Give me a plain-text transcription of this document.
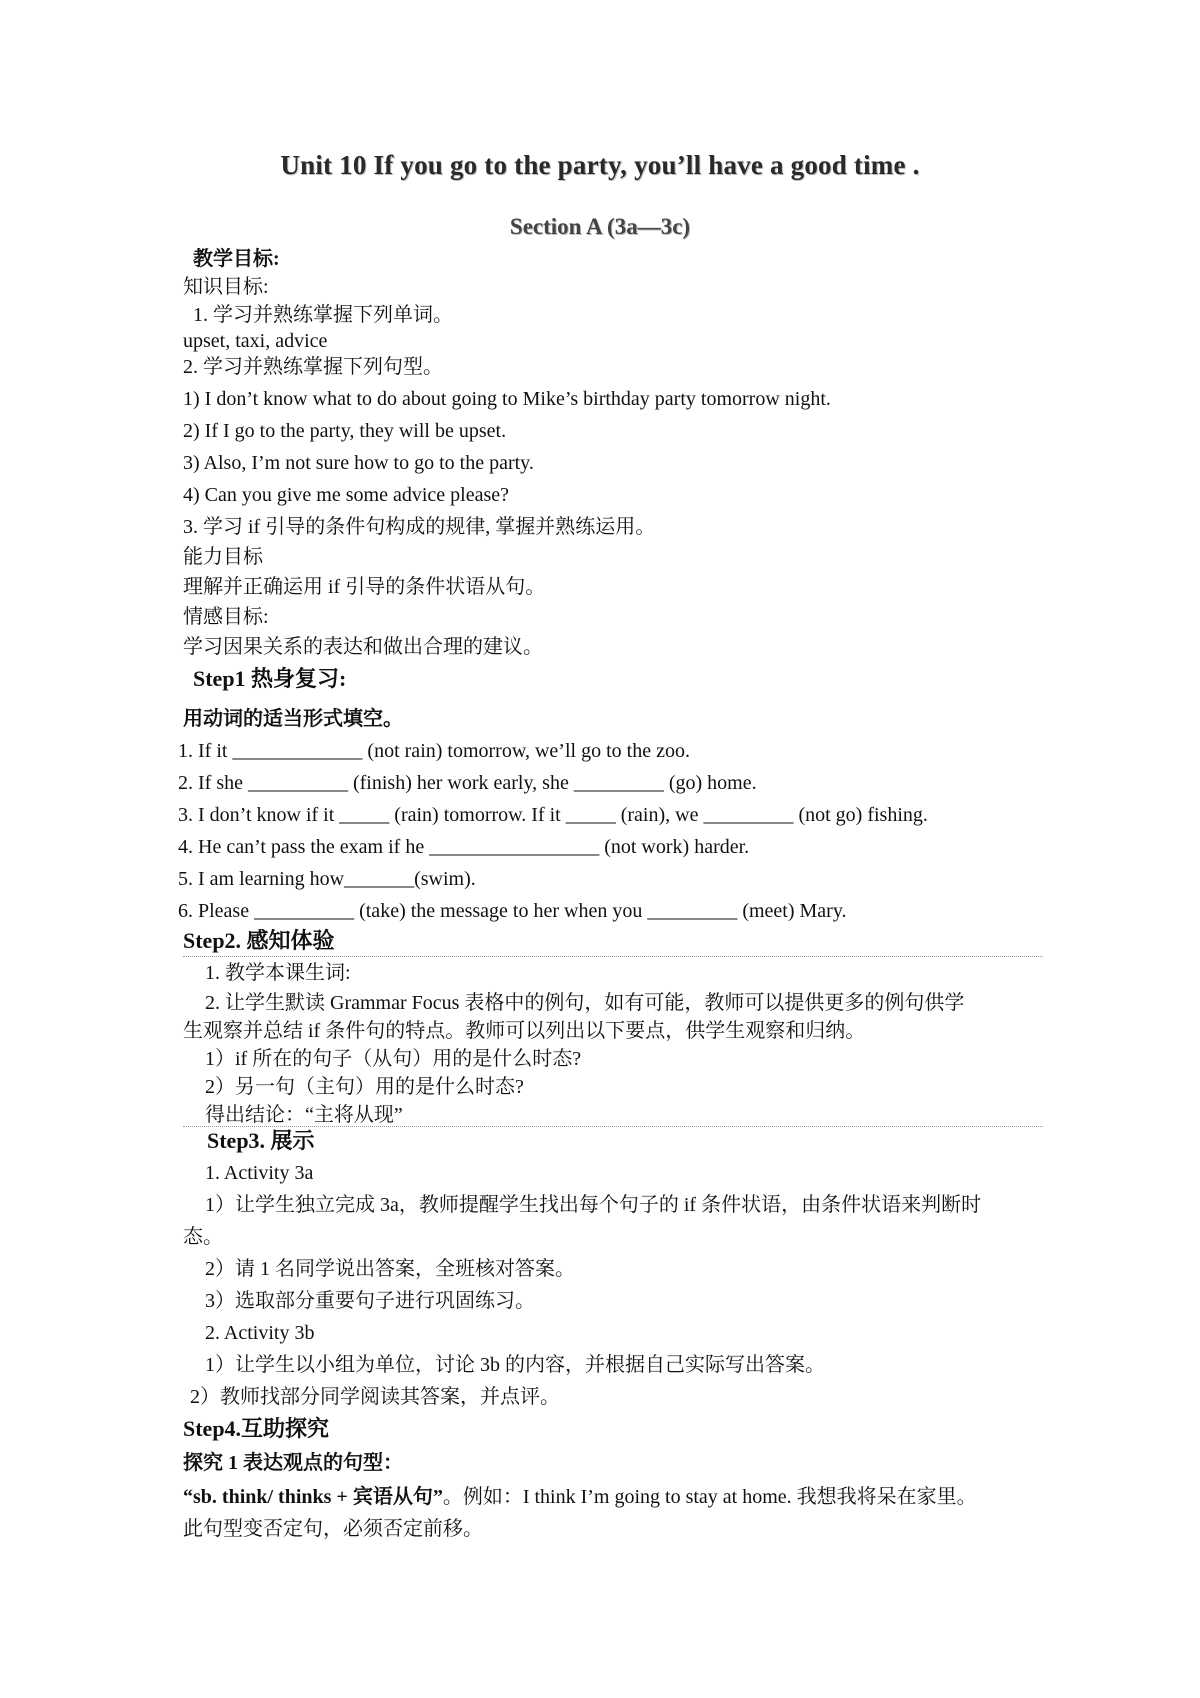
Unit 10 If you go to the party, you’ll have a good time .
Section A (3a—3c)
教学目标:
知识目标:
1. 学习并熟练掌握下列单词。
upset, taxi, advice
2. 学习并熟练掌握下列句型。
1) I don’t know what to do about going to Mike’s birthday party tomorrow night.
2) If I go to the party, they will be upset.
3) Also, I’m not sure how to go to the party.
4) Can you give me some advice please?
3. 学习 if 引导的条件句构成的规律, 掌握并熟练运用。
能力目标
理解并正确运用 if 引导的条件状语从句。
情感目标:
学习因果关系的表达和做出合理的建议。
Step1 热身复习:
用动词的适当形式填空。
1. If it _____________ (not rain) tomorrow, we’ll go to the zoo.
2. If she __________ (finish) her work early, she _________ (go) home.
3. I don’t know if it _____ (rain) tomorrow. If it _____ (rain), we _________ (not go) fishing.
4. He can’t pass the exam if he _________________ (not work) harder.
5. I am learning how_______(swim).
6. Please __________ (take) the message to her when you _________ (meet) Mary.
Step2. 感知体验
1. 教学本课生词:
2. 让学生默读 Grammar Focus 表格中的例句，如有可能，教师可以提供更多的例句供学
生观察并总结 if 条件句的特点。教师可以列出以下要点，供学生观察和归纳。
1）if 所在的句子（从句）用的是什么时态?
2）另一句（主句）用的是什么时态?
得出结论：“主将从现”
Step3. 展示
1. Activity 3a
1）让学生独立完成 3a，教师提醒学生找出每个句子的 if 条件状语，由条件状语来判断时
态。
2）请 1 名同学说出答案，全班核对答案。
3）选取部分重要句子进行巩固练习。
2. Activity 3b
1）让学生以小组为单位，讨论 3b 的内容，并根据自己实际写出答案。
2）教师找部分同学阅读其答案，并点评。
Step4.互助探究
探究 1 表达观点的句型：
“sb. think/ thinks + 宾语从句”。例如：I think I’m going to stay at home. 我想我将呆在家里。
此句型变否定句，必须否定前移。
